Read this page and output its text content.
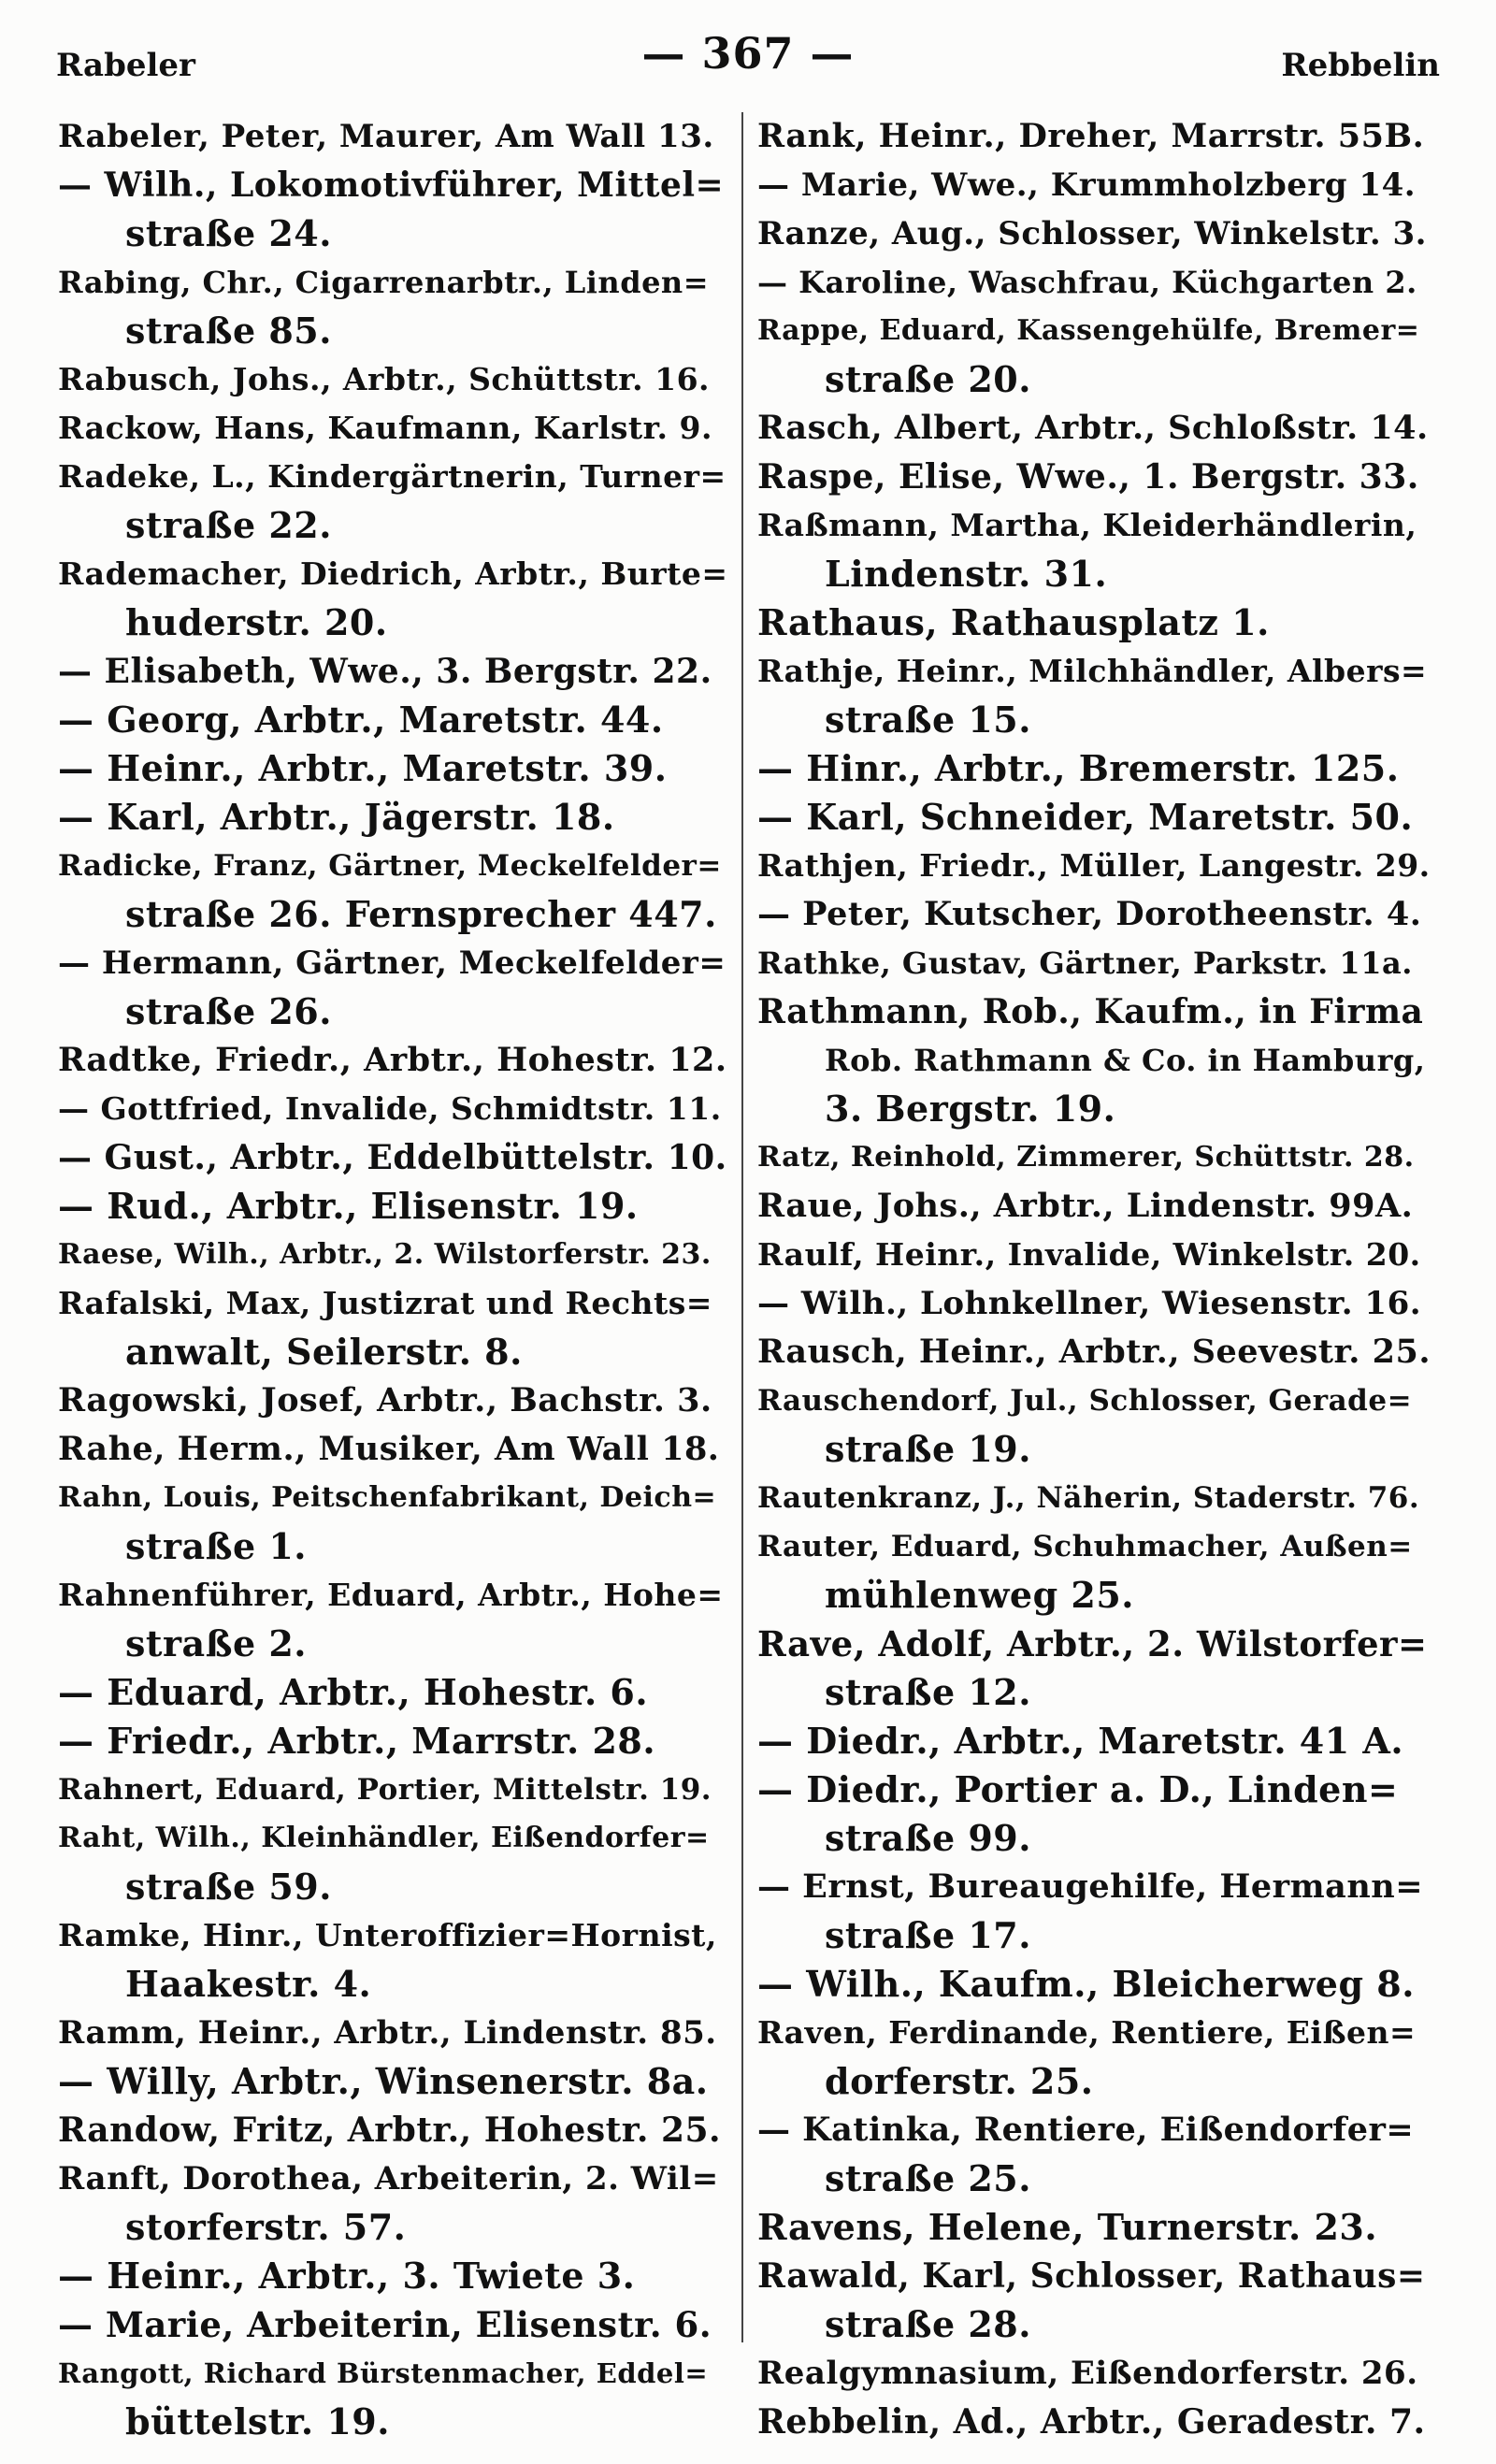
Rabeler	— 367 —	Rebbelin
Rabeler, Peter, Maurer, Am Wall 13.
— Wilh., Lokomotivführer, Mittel=
straße 24.
Rabing, Chr., Cigarrenarbtr., Linden=
straße 85.
Rabusch, Johs., Arbtr., Schüttstr. 16.
Rackow, Hans, Kaufmann, Karlstr. 9.
Radeke, L., Kindergärtnerin, Turner=
straße 22.
Rademacher, Diedrich, Arbtr., Burte=
huderstr. 20.
— Elisabeth, Wwe., 3. Bergstr. 22.
— Georg, Arbtr., Maretstr. 44.
— Heinr., Arbtr., Maretstr. 39.
— Karl, Arbtr., Jägerstr. 18.
Radicke, Franz, Gärtner, Meckelfelder=
straße 26. Fernsprecher 447.
— Hermann, Gärtner, Meckelfelder=
straße 26.
Radtke, Friedr., Arbtr., Hohestr. 12.
— Gottfried, Invalide, Schmidtstr. 11.
— Gust., Arbtr., Eddelbüttelstr. 10.
— Rud., Arbtr., Elisenstr. 19.
Raese, Wilh., Arbtr., 2. Wilstorferstr. 23.
Rafalski, Max, Justizrat und Rechts=
anwalt, Seilerstr. 8.
Ragowski, Josef, Arbtr., Bachstr. 3.
Rahe, Herm., Musiker, Am Wall 18.
Rahn, Louis, Peitschenfabrikant, Deich=
straße 1.
Rahnenführer, Eduard, Arbtr., Hohe=
straße 2.
— Eduard, Arbtr., Hohestr. 6.
— Friedr., Arbtr., Marrstr. 28.
Rahnert, Eduard, Portier, Mittelstr. 19.
Raht, Wilh., Kleinhändler, Eißendorfer=
straße 59.
Ramke, Hinr., Unteroffizier=Hornist,
Haakestr. 4.
Ramm, Heinr., Arbtr., Lindenstr. 85.
— Willy, Arbtr., Winsenerstr. 8a.
Randow, Fritz, Arbtr., Hohestr. 25.
Ranft, Dorothea, Arbeiterin, 2. Wil=
storferstr. 57.
— Heinr., Arbtr., 3. Twiete 3.
— Marie, Arbeiterin, Elisenstr. 6.
Rangott, Richard Bürstenmacher, Eddel=
büttelstr. 19.
Rank, Heinr., Dreher, Marrstr. 55B.
— Marie, Wwe., Krummholzberg 14.
Ranze, Aug., Schlosser, Winkelstr. 3.
— Karoline, Waschfrau, Küchgarten 2.
Rappe, Eduard, Kassengehülfe, Bremer=
straße 20.
Rasch, Albert, Arbtr., Schloßstr. 14.
Raspe, Elise, Wwe., 1. Bergstr. 33.
Raßmann, Martha, Kleiderhändlerin,
Lindenstr. 31.
Rathaus, Rathausplatz 1.
Rathje, Heinr., Milchhändler, Albers=
straße 15.
— Hinr., Arbtr., Bremerstr. 125.
— Karl, Schneider, Maretstr. 50.
Rathjen, Friedr., Müller, Langestr. 29.
— Peter, Kutscher, Dorotheenstr. 4.
Rathke, Gustav, Gärtner, Parkstr. 11a.
Rathmann, Rob., Kaufm., in Firma
Rob. Rathmann & Co. in Hamburg,
3. Bergstr. 19.
Ratz, Reinhold, Zimmerer, Schüttstr. 28.
Raue, Johs., Arbtr., Lindenstr. 99A.
Raulf, Heinr., Invalide, Winkelstr. 20.
— Wilh., Lohnkellner, Wiesenstr. 16.
Rausch, Heinr., Arbtr., Seevestr. 25.
Rauschendorf, Jul., Schlosser, Gerade=
straße 19.
Rautenkranz, J., Näherin, Staderstr. 76.
Rauter, Eduard, Schuhmacher, Außen=
mühlenweg 25.
Rave, Adolf, Arbtr., 2. Wilstorfer=
straße 12.
— Diedr., Arbtr., Maretstr. 41 A.
— Diedr., Portier a. D., Linden=
straße 99.
— Ernst, Bureaugehilfe, Hermann=
straße 17.
— Wilh., Kaufm., Bleicherweg 8.
Raven, Ferdinande, Rentiere, Eißen=
dorferstr. 25.
— Katinka, Rentiere, Eißendorfer=
straße 25.
Ravens, Helene, Turnerstr. 23.
Rawald, Karl, Schlosser, Rathaus=
straße 28.
Realgymnasium, Eißendorferstr. 26.
Rebbelin, Ad., Arbtr., Geradestr. 7.
